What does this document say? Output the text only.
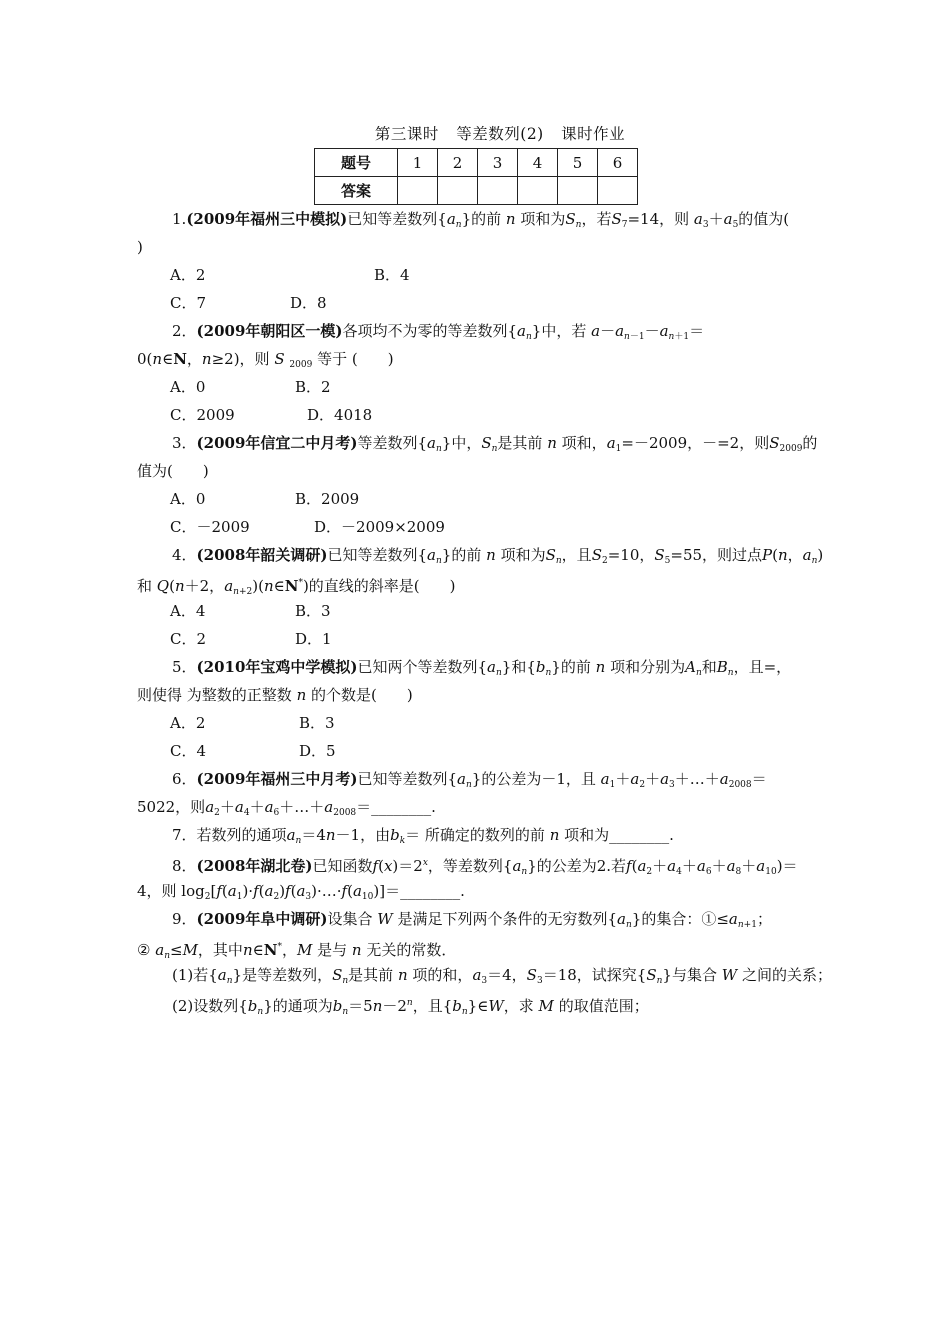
第三课时 等差数列(2) 课时作业
题号	1	2	3	4	5	6
答案						
1.(2009年福州三中模拟)已知等差数列$\{a_n\}$的前 n 项和为$S_n$，若$S_7=14$，则 $a_3+a_5$的值为(
)
A．2	B．4
C．7	D．8
2．(2009年朝阳区一模)各项均不为零的等差数列$\{a_n\}$中，若 $a-a_{n-1}-a_{n+1}=$
0(n∈N，n≥2)，则 S $_{2009}$ 等于 (　　)
A．0	B．2
C．2009	D．4018
3．(2009年信宜二中月考)等差数列$\{a_n\}$中，$S_n$是其前 n 项和，$a_1=-2009$，－=2，则$S_{2009}$的
值为(　　)
A．0	B．2009
C．－2009	D．－2009×2009
4．(2008年韶关调研)已知等差数列$\{a_n\}$的前 n 项和为$S_n$，且$S_2=10$，$S_5=55$，则过点P(n，$a_n$)
和 Q(n＋2，$a_{n+2})(n\in N^*)$的直线的斜率是(　　)
A．4	B．3
C．2	D．1
5．(2010年宝鸡中学模拟)已知两个等差数列$\{a_n\}$和$\{b_n\}$的前 n 项和分别为$A_n$和$B_n$，且=，
则使得 为整数的正整数 n 的个数是(　　)
A．2	B．3
C．4	D．5
6．(2009年福州三中月考)已知等差数列$\{a_n\}$的公差为－1，且 $a_1+a_2+a_3+\dots+a_{2008}=$
5022，则$a_2+a_4+a_6+\dots+a_{2008}=\_\_\_\_\_\_\_\_$.
7．若数列的通项$a_n=4n-1$，由$b_k=$ 所确定的数列的前 n 项和为________.
8．(2008年湖北卷)已知函数$f(x)=2^x$，等差数列$\{a_n\}$的公差为2.若$f(a_2+a_4+a_6+a_8+a_{10})=$
4，则 $\log_2[f(a_1)\cdot f(a_2)f(a_3)\cdot\dots\cdot f(a_{10})]=\_\_\_\_\_\_\_\_$.
9．(2009年阜中调研)设集合 W 是满足下列两个条件的无穷数列$\{a_n\}$的集合：$①\le a_{n+1}$；
② $a_n\le M$，其中n∈N*，M 是与 n 无关的常数．
(1)若$\{a_n\}$是等差数列，$S_n$是其前 n 项的和，$a_3=4$，$S_3=18$，试探究$\{S_n\}$与集合 W 之间的关系；
(2)设数列$\{b_n\}$的通项为$b_n=5n-2^n$，且$\{b_n\}\in W$，求 M 的取值范围；
